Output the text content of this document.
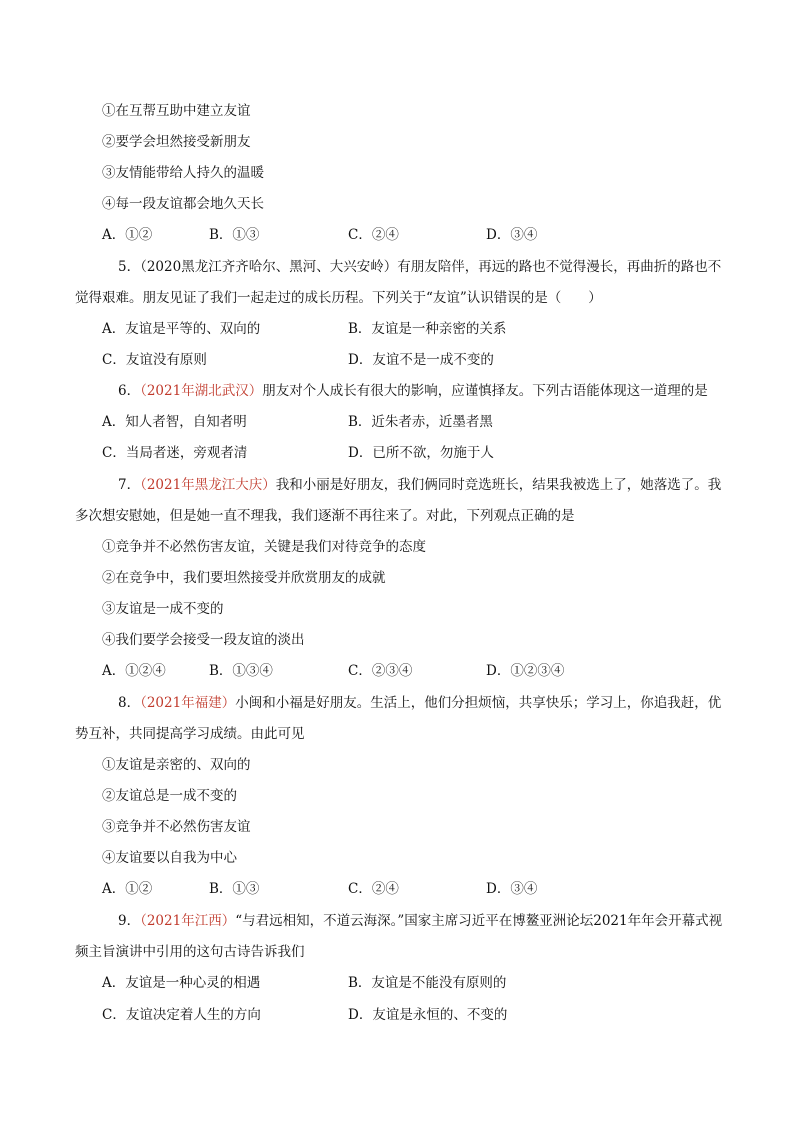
①在互帮互助中建立友谊
②要学会坦然接受新朋友
③友情能带给人持久的温暖
④每一段友谊都会地久天长
A．①②	B．①③	C．②④	D．③④
5．（2020黑龙江齐齐哈尔、黑河、大兴安岭）有朋友陪伴，再远的路也不觉得漫长，再曲折的路也不
觉得艰难。朋友见证了我们一起走过的成长历程。下列关于“友谊”认识错误的是（　　）
A．友谊是平等的、双向的	B．友谊是一种亲密的关系
C．友谊没有原则	D．友谊不是一成不变的
6．（2021年湖北武汉）朋友对个人成长有很大的影响，应谨慎择友。下列古语能体现这一道理的是
A．知人者智，自知者明	B．近朱者赤，近墨者黑
C．当局者迷，旁观者清	D．已所不欲，勿施于人
7．（2021年黑龙江大庆）我和小丽是好朋友，我们俩同时竞选班长，结果我被选上了，她落选了。我
多次想安慰她，但是她一直不理我，我们逐渐不再往来了。对此，下列观点正确的是
①竞争并不必然伤害友谊，关键是我们对待竞争的态度
②在竞争中，我们要坦然接受并欣赏朋友的成就
③友谊是一成不变的
④我们要学会接受一段友谊的淡出
A．①②④	B．①③④	C．②③④	D．①②③④
8．（2021年福建）小闽和小福是好朋友。生活上，他们分担烦恼，共享快乐；学习上，你追我赶，优
势互补，共同提高学习成绩。由此可见
①友谊是亲密的、双向的
②友谊总是一成不变的
③竞争并不必然伤害友谊
④友谊要以自我为中心
A．①②	B．①③	C．②④	D．③④
9．（2021年江西）“与君远相知，不道云海深。”国家主席习近平在博鳌亚洲论坛2021年年会开幕式视
频主旨演讲中引用的这句古诗告诉我们
A．友谊是一种心灵的相遇	B．友谊是不能没有原则的
C．友谊决定着人生的方向	D．友谊是永恒的、不变的
